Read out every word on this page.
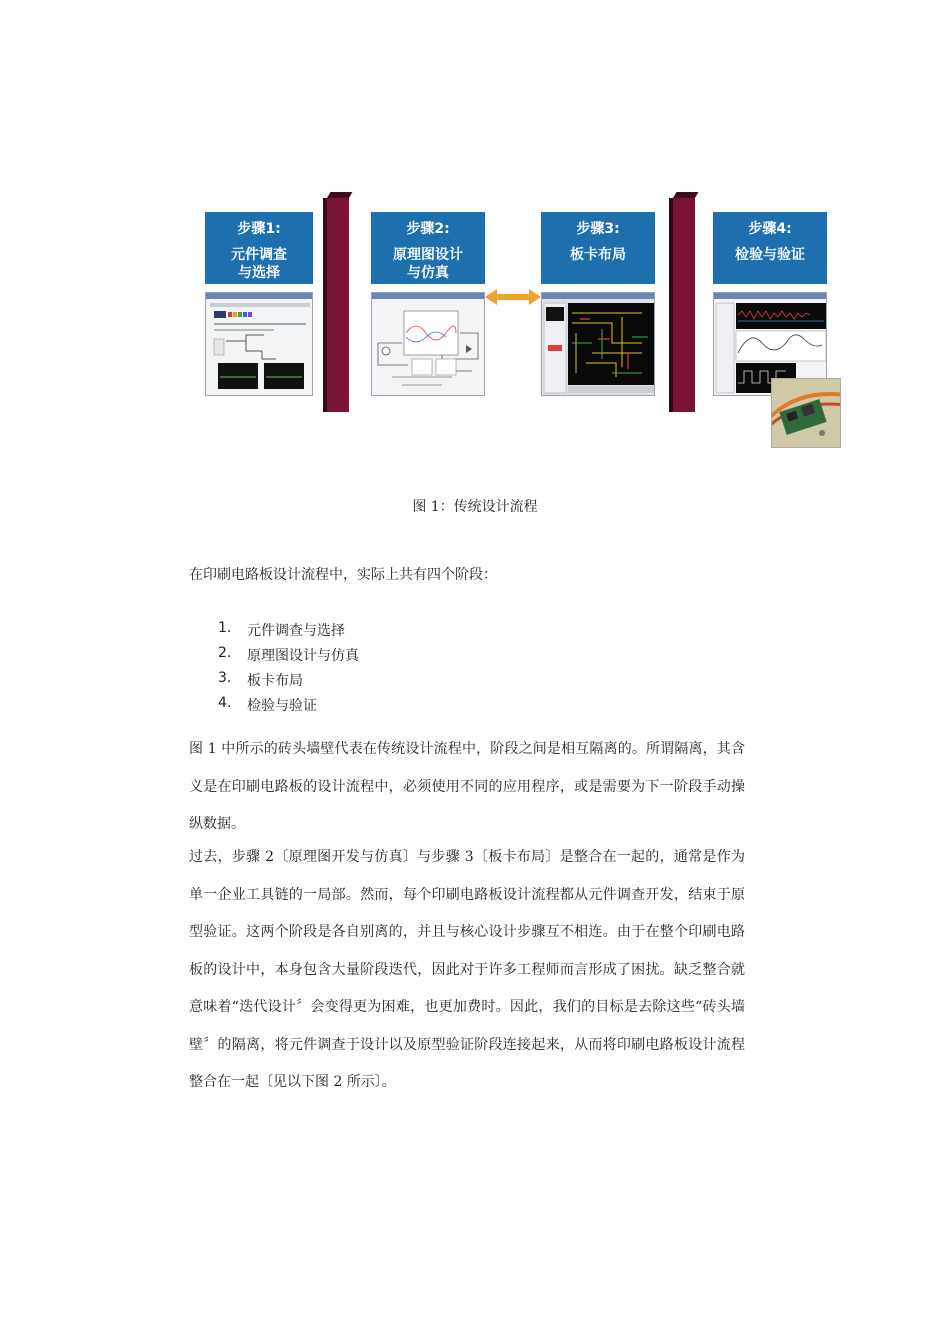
步骤1:
元件调查
与选择
步骤2:
原理图设计
与仿真
步骤3:
板卡布局
步骤4:
检验与验证
图 1：传统设计流程
在印刷电路板设计流程中，实际上共有四个阶段：
1.	元件调查与选择
2.	原理图设计与仿真
3.	板卡布局
4.	检验与验证

图 1 中所示的砖头墙壁代表在传统设计流程中，阶段之间是相互隔离的。所谓隔离，其含义是在印刷电路板的设计流程中，必须使用不同的应用程序，或是需要为下一阶段手动操纵数据。

过去，步骤 2〔原理图开发与仿真〕与步骤 3〔板卡布局〕是整合在一起的，通常是作为单一企业工具链的一局部。然而，每个印刷电路板设计流程都从元件调查开发，结束于原型验证。这两个阶段是各自别离的，并且与核心设计步骤互不相连。由于在整个印刷电路板的设计中，本身包含大量阶段迭代，因此对于许多工程师而言形成了困扰。缺乏整合就意味着“迭代设计〞会变得更为困难，也更加费时。因此，我们的目标是去除这些“砖头墙壁〞的隔离，将元件调查于设计以及原型验证阶段连接起来，从而将印刷电路板设计流程整合在一起〔见以下图 2 所示〕。
